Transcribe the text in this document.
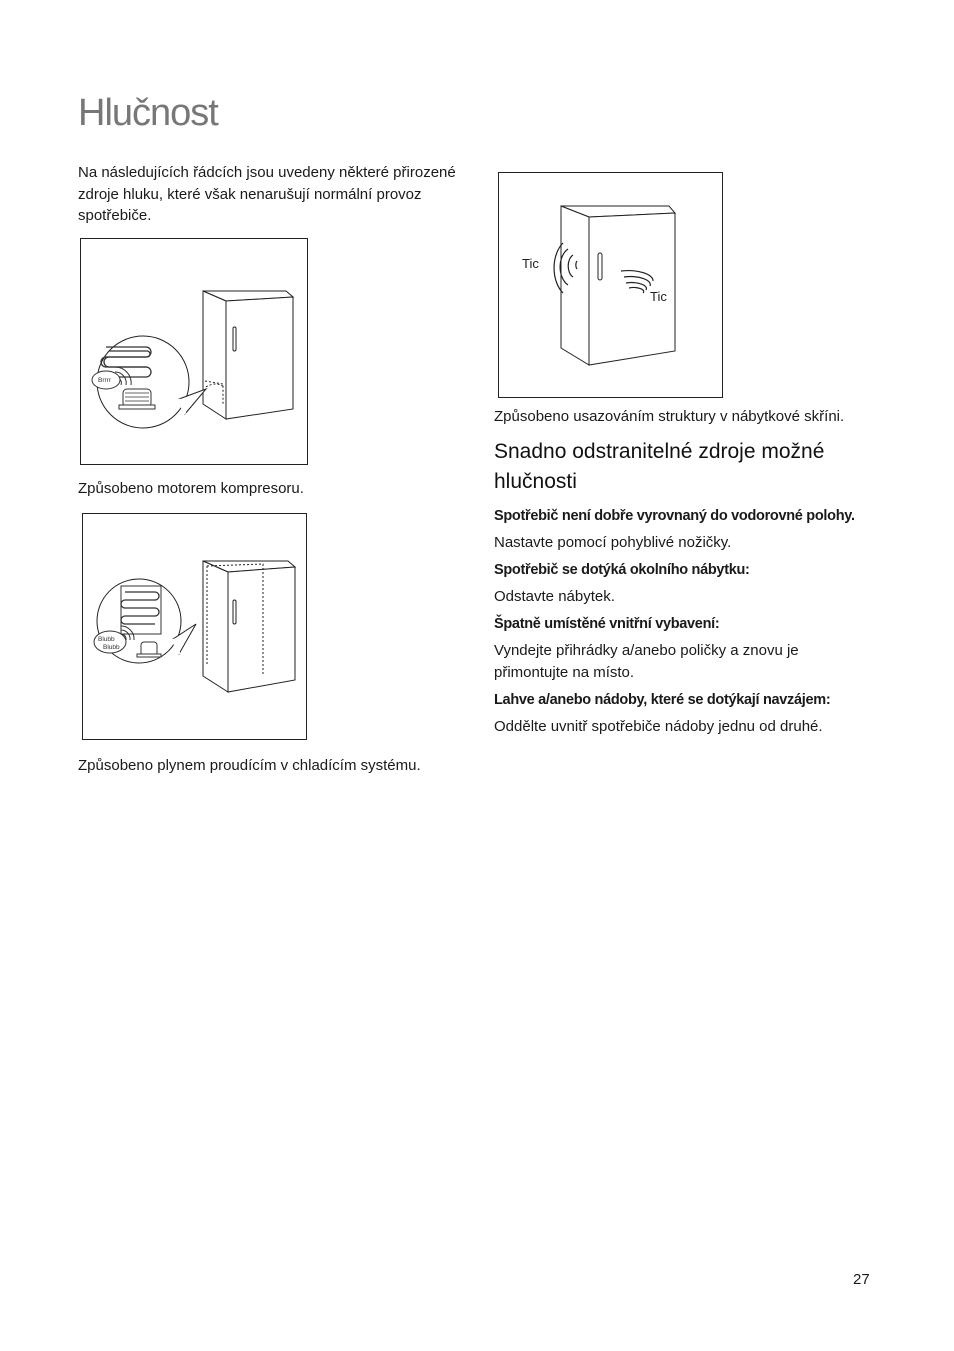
Hlučnost

Na následujících řádcích jsou uvedeny některé přirozené zdroje hluku, které však nenarušují normální provoz spotřebiče.

Brrrr

Způsobeno motorem kompresoru.

Blubb
Blubb

Způsobeno plynem proudícím v chladícím systému.

Tic
Tic

Způsobeno usazováním struktury v nábytkové skříni.

Snadno odstranitelné zdroje možné hlučnosti

Spotřebič není dobře vyrovnaný do vodorovné polohy.

Nastavte pomocí pohyblivé nožičky.

Spotřebič se dotýká okolního nábytku:

Odstavte nábytek.

Špatně umístěné vnitřní vybavení:

Vyndejte přihrádky a/anebo poličky a znovu je přimontujte na místo.

Lahve a/anebo nádoby, které se dotýkají navzájem:

Oddělte uvnitř spotřebiče nádoby jednu od druhé.

27
